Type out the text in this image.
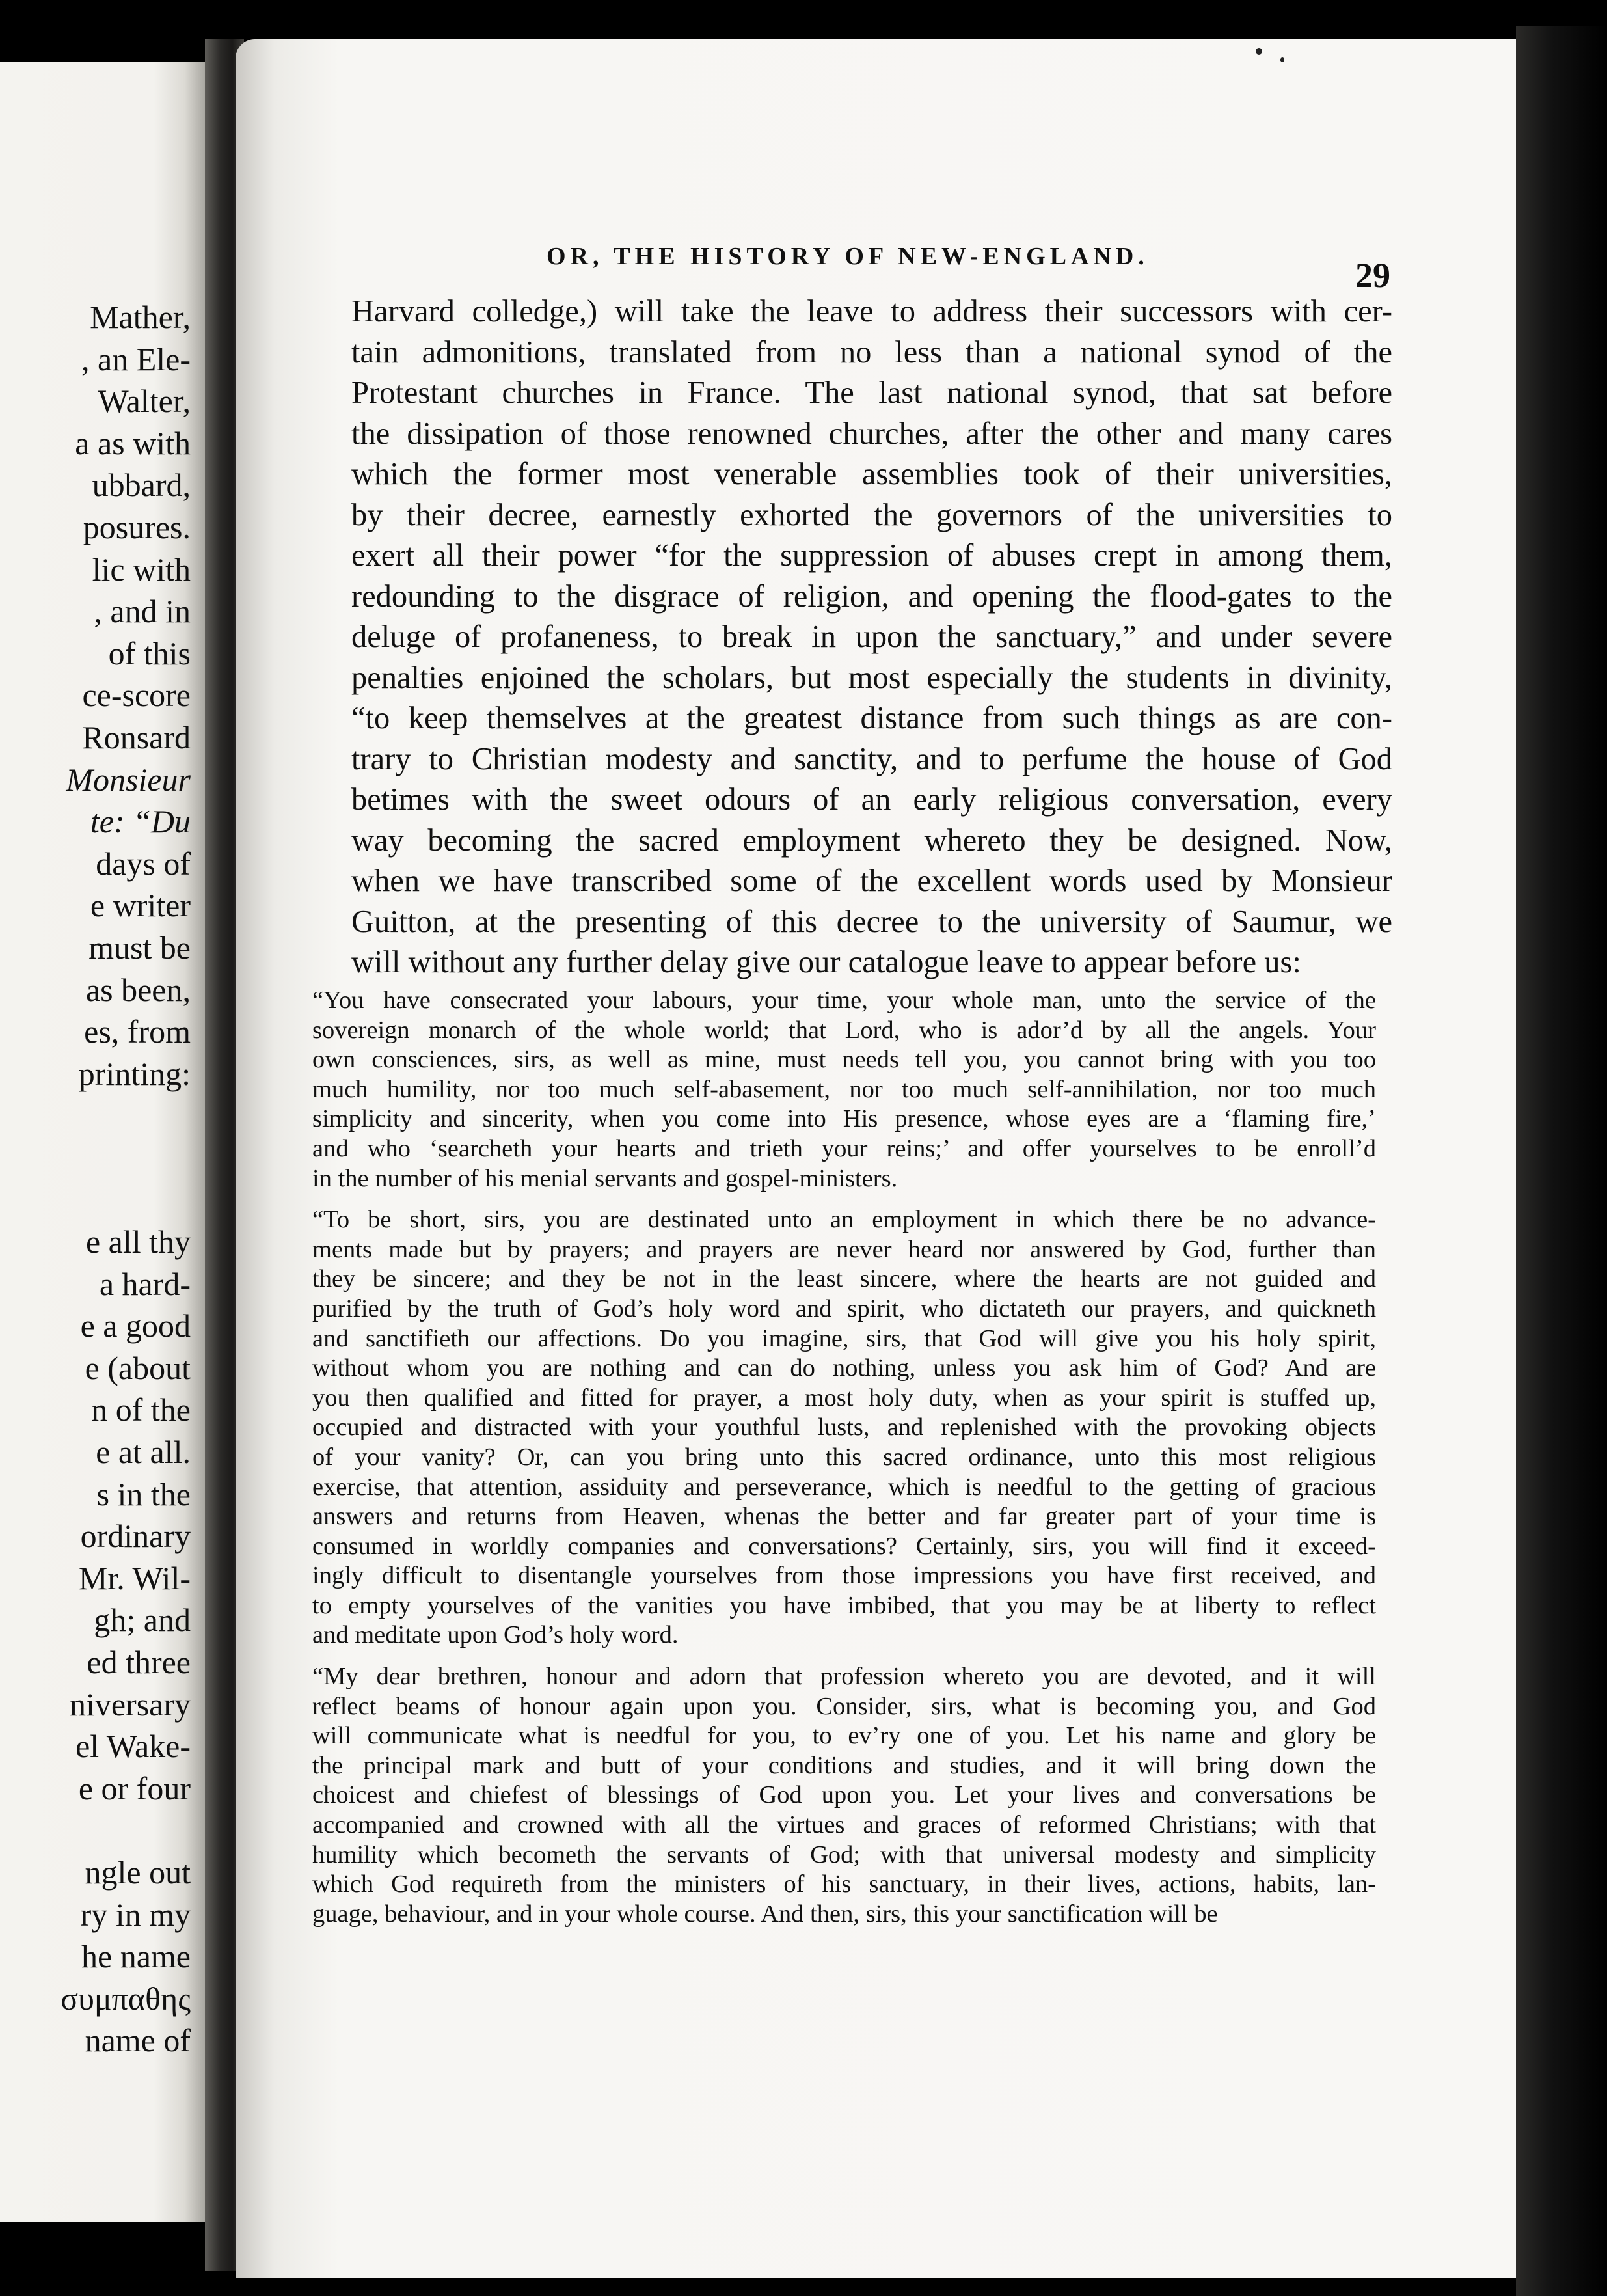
Mather,
, an Ele-
Walter,
a as with
ubbard,
posures.
lic with
, and in
of this
ce-score
Ronsard
Monsieur
te: “Du
days of
e writer
must be
as been,
es, from
printing:
e all thy
a hard-
e a good
e (about
n of the
e at all.
s in the
ordinary
Mr. Wil-
gh; and
ed three
niversary
el Wake-
e or four
ngle out
ry in my
he name
συμπαθης
name of
OR, THE HISTORY OF NEW-ENGLAND.	29
Harvard colledge,) will take the leave to address their successors with cer-
tain admonitions, translated from no less than a national synod of the
Protestant churches in France. The last national synod, that sat before
the dissipation of those renowned churches, after the other and many cares
which the former most venerable assemblies took of their universities,
by their decree, earnestly exhorted the governors of the universities to
exert all their power “for the suppression of abuses crept in among them,
redounding to the disgrace of religion, and opening the flood-gates to the
deluge of profaneness, to break in upon the sanctuary,” and under severe
penalties enjoined the scholars, but most especially the students in divinity,
“to keep themselves at the greatest distance from such things as are con-
trary to Christian modesty and sanctity, and to perfume the house of God
betimes with the sweet odours of an early religious conversation, every
way becoming the sacred employment whereto they be designed. Now,
when we have transcribed some of the excellent words used by Monsieur
Guitton, at the presenting of this decree to the university of Saumur, we
will without any further delay give our catalogue leave to appear before us:
“You have consecrated your labours, your time, your whole man, unto the service of the
sovereign monarch of the whole world; that Lord, who is ador’d by all the angels. Your
own consciences, sirs, as well as mine, must needs tell you, you cannot bring with you too
much humility, nor too much self-abasement, nor too much self-annihilation, nor too much
simplicity and sincerity, when you come into His presence, whose eyes are a ‘flaming fire,’
and who ‘searcheth your hearts and trieth your reins;’ and offer yourselves to be enroll’d
in the number of his menial servants and gospel-ministers.
“To be short, sirs, you are destinated unto an employment in which there be no advance-
ments made but by prayers; and prayers are never heard nor answered by God, further than
they be sincere; and they be not in the least sincere, where the hearts are not guided and
purified by the truth of God’s holy word and spirit, who dictateth our prayers, and quickneth
and sanctifieth our affections. Do you imagine, sirs, that God will give you his holy spirit,
without whom you are nothing and can do nothing, unless you ask him of God? And are
you then qualified and fitted for prayer, a most holy duty, when as your spirit is stuffed up,
occupied and distracted with your youthful lusts, and replenished with the provoking objects
of your vanity? Or, can you bring unto this sacred ordinance, unto this most religious
exercise, that attention, assiduity and perseverance, which is needful to the getting of gracious
answers and returns from Heaven, whenas the better and far greater part of your time is
consumed in worldly companies and conversations? Certainly, sirs, you will find it exceed-
ingly difficult to disentangle yourselves from those impressions you have first received, and
to empty yourselves of the vanities you have imbibed, that you may be at liberty to reflect
and meditate upon God’s holy word.
“My dear brethren, honour and adorn that profession whereto you are devoted, and it will
reflect beams of honour again upon you. Consider, sirs, what is becoming you, and God
will communicate what is needful for you, to ev’ry one of you. Let his name and glory be
the principal mark and butt of your conditions and studies, and it will bring down the
choicest and chiefest of blessings of God upon you. Let your lives and conversations be
accompanied and crowned with all the virtues and graces of reformed Christians; with that
humility which becometh the servants of God; with that universal modesty and simplicity
which God requireth from the ministers of his sanctuary, in their lives, actions, habits, lan-
guage, behaviour, and in your whole course. And then, sirs, this your sanctification will be
